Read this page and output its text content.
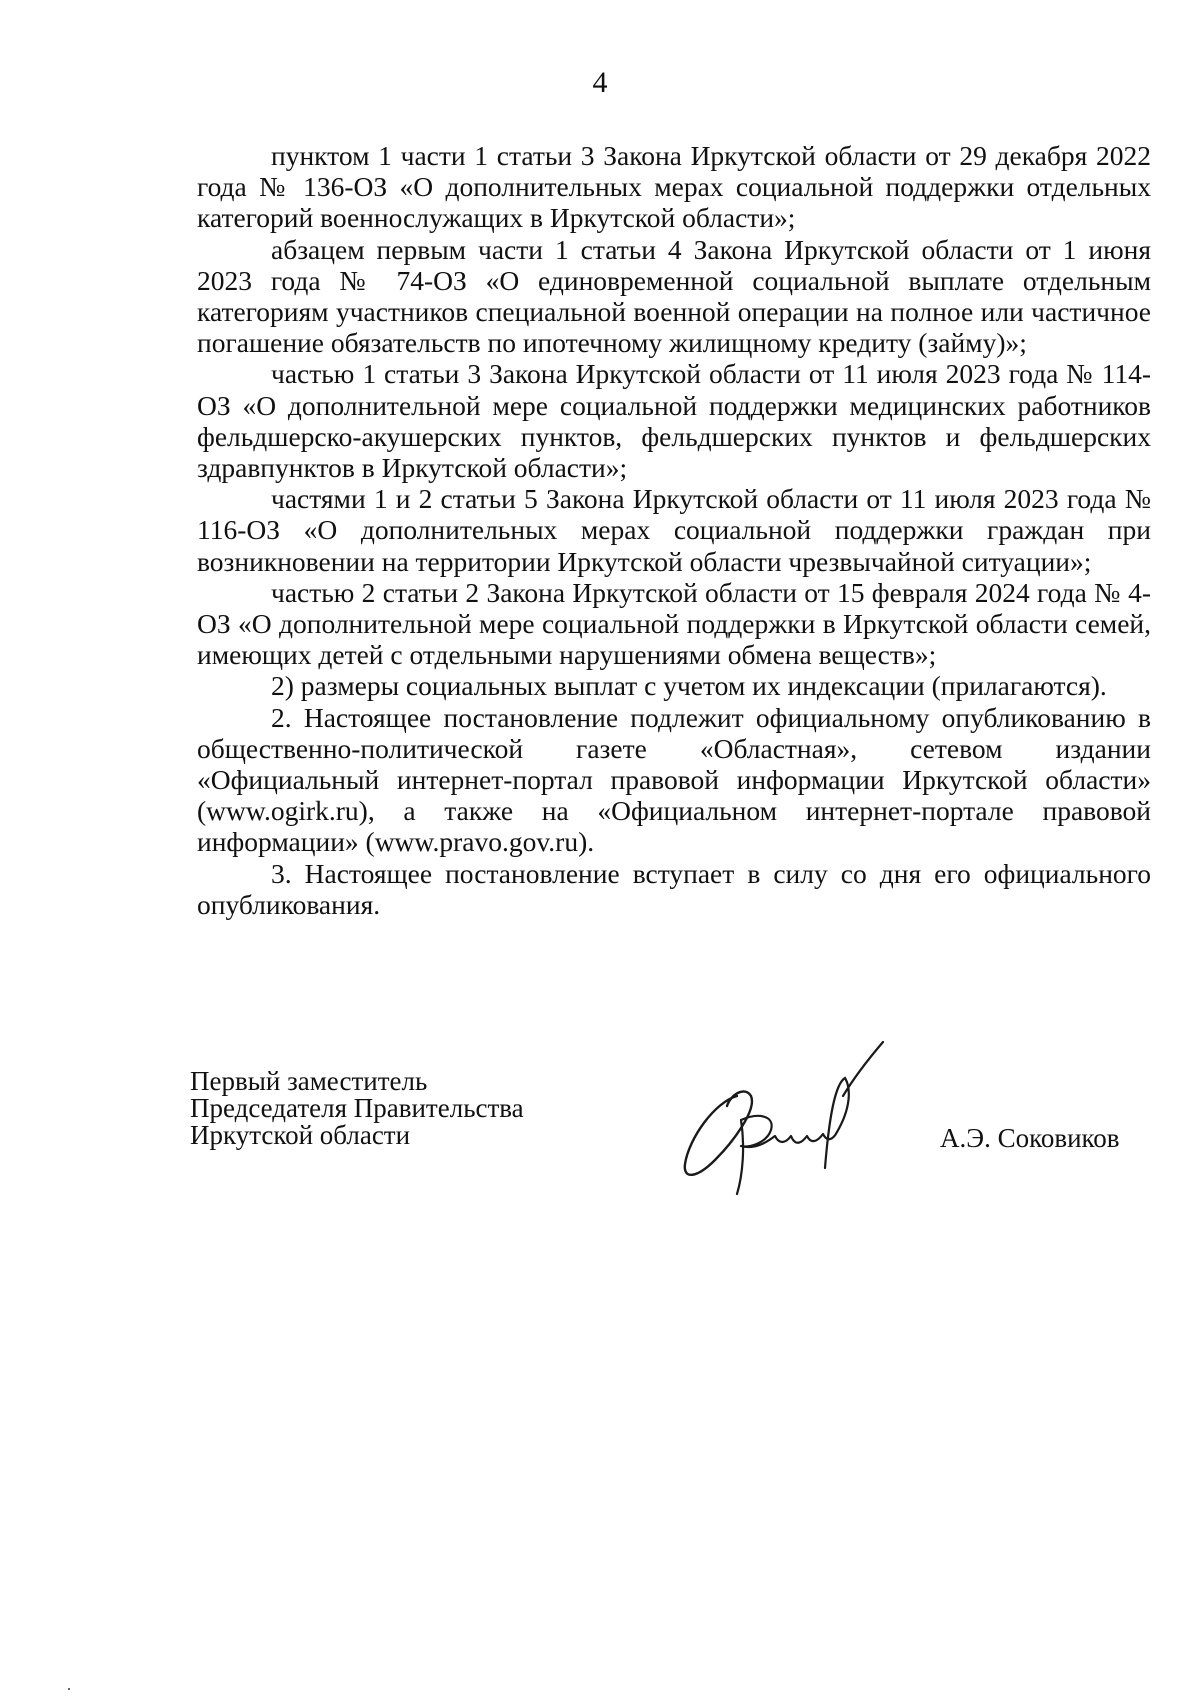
4

пунктом 1 части 1 статьи 3 Закона Иркутской области от 29 декабря 2022 года № 136-ОЗ «О дополнительных мерах социальной поддержки отдельных категорий военнослужащих в Иркутской области»;

абзацем первым части 1 статьи 4 Закона Иркутской области от 1 июня 2023 года № 74-ОЗ «О единовременной социальной выплате отдельным категориям участников специальной военной операции на полное или частичное погашение обязательств по ипотечному жилищному кредиту (займу)»;

частью 1 статьи 3 Закона Иркутской области от 11 июля 2023 года № 114-ОЗ «О дополнительной мере социальной поддержки медицинских работников фельдшерско-акушерских пунктов, фельдшерских пунктов и фельдшерских здравпунктов в Иркутской области»;

частями 1 и 2 статьи 5 Закона Иркутской области от 11 июля 2023 года № 116-ОЗ «О дополнительных мерах социальной поддержки граждан при возникновении на территории Иркутской области чрезвычайной ситуации»;

частью 2 статьи 2 Закона Иркутской области от 15 февраля 2024 года № 4-ОЗ «О дополнительной мере социальной поддержки в Иркутской области семей, имеющих детей с отдельными нарушениями обмена веществ»;

2) размеры социальных выплат с учетом их индексации (прилагаются).

2. Настоящее постановление подлежит официальному опубликованию в общественно-политической газете «Областная», сетевом издании «Официальный интернет-портал правовой информации Иркутской области» (www.ogirk.ru), а также на «Официальном интернет-портале правовой информации» (www.pravo.gov.ru).

3. Настоящее постановление вступает в силу со дня его официального опубликования.

Первый заместитель
Председателя Правительства
Иркутской области	А.Э. Соковиков
